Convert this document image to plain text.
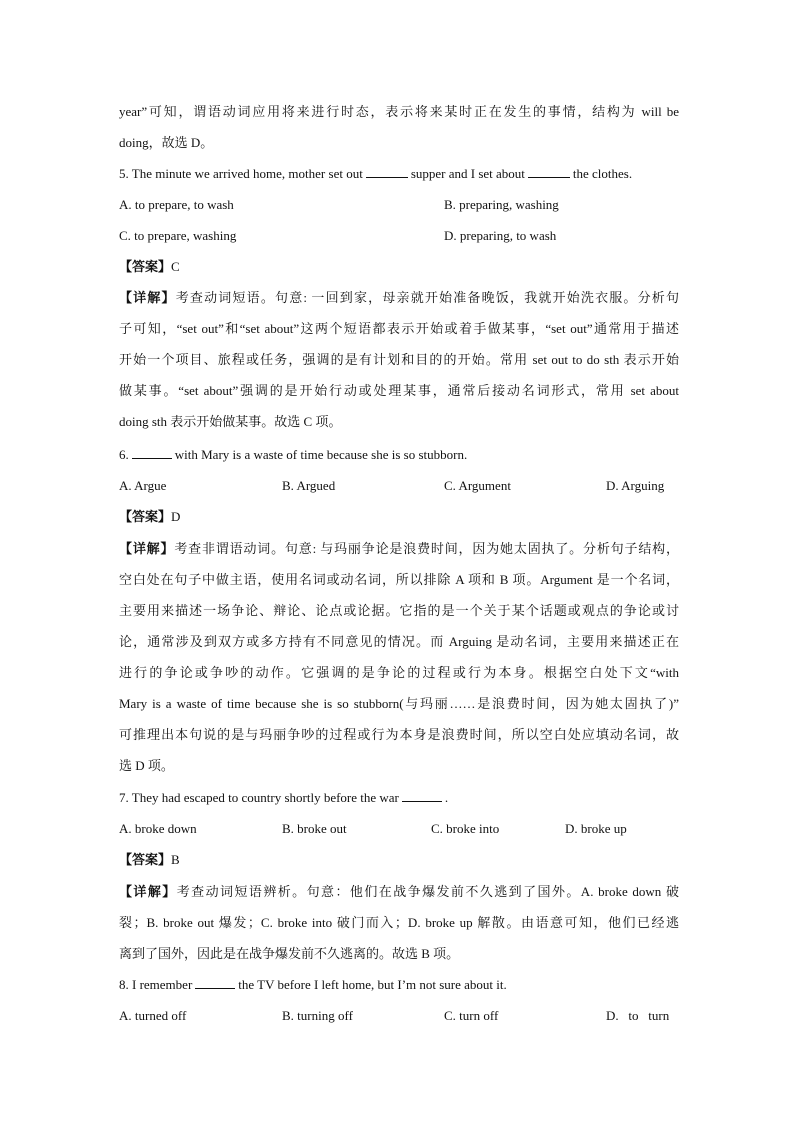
year”可知，谓语动词应用将来进行时态，表示将来某时正在发生的事情，结构为 will be
doing，故选 D。
5. The minute we arrived home, mother set out	supper and I set about	the clothes.
A. to prepare, to wash	B. preparing, washing
C. to prepare, washing	D. preparing, to wash
【答案】C
【详解】考查动词短语。句意: 一回到家，母亲就开始准备晚饭，我就开始洗衣服。分析句
子可知，“set out”和“set about”这两个短语都表示开始或着手做某事，“set out”通常用于描述
开始一个项目、旅程或任务，强调的是有计划和目的的开始。常用 set out to do sth 表示开始
做某事。“set about”强调的是开始行动或处理某事，通常后接动名词形式，常用 set about
doing sth 表示开始做某事。故选 C 项。
6.	with Mary is a waste of time because she is so stubborn.
A. Argue	B. Argued	C. Argument	D. Arguing
【答案】D
【详解】考查非谓语动词。句意: 与玛丽争论是浪费时间，因为她太固执了。分析句子结构，
空白处在句子中做主语，使用名词或动名词，所以排除 A 项和 B 项。Argument 是一个名词，
主要用来描述一场争论、辩论、论点或论据。它指的是一个关于某个话题或观点的争论或讨
论，通常涉及到双方或多方持有不同意见的情况。而 Arguing 是动名词，主要用来描述正在
进行的争论或争吵的动作。它强调的是争论的过程或行为本身。根据空白处下文“with
Mary is a waste of time because she is so stubborn(与玛丽……是浪费时间，因为她太固执了)”
可推理出本句说的是与玛丽争吵的过程或行为本身是浪费时间，所以空白处应填动名词，故
选 D 项。
7. They had escaped to country shortly before the war	.
A. broke down	B. broke out	C. broke into	D. broke up
【答案】B
【详解】考查动词短语辨析。句意：他们在战争爆发前不久逃到了国外。A. broke down 破
裂；B. broke out 爆发；C. broke into 破门而入；D. broke up 解散。由语意可知，他们已经逃
离到了国外，因此是在战争爆发前不久逃离的。故选 B 项。
8. I remember	the TV before I left home, but I’m not sure about it.
A. turned off	B. turning off	C. turn off	D.   to   turn
